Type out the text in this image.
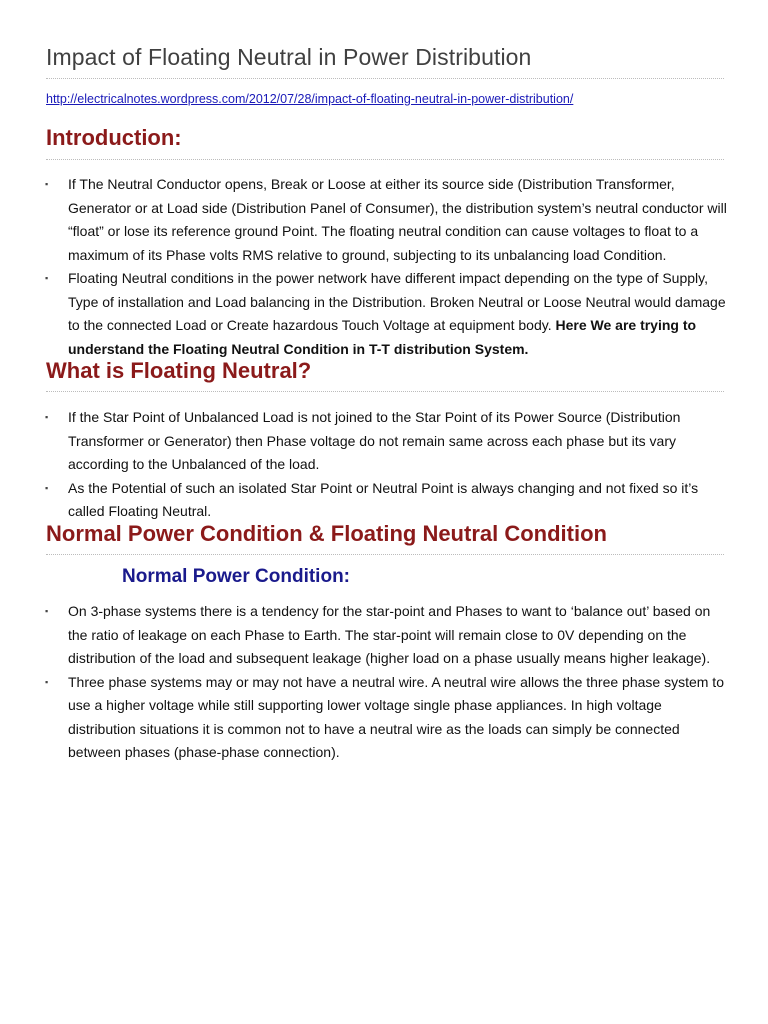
Impact of Floating Neutral in Power Distribution
http://electricalnotes.wordpress.com/2012/07/28/impact-of-floating-neutral-in-power-distribution/
Introduction:
▪ If The Neutral Conductor opens, Break or Loose at either its source side (Distribution Transformer, Generator or at Load side (Distribution Panel of Consumer), the distribution system’s neutral conductor will “float” or lose its reference ground Point. The floating neutral condition can cause voltages to float to a maximum of its Phase volts RMS relative to ground, subjecting to its unbalancing load Condition.
▪ Floating Neutral conditions in the power network have different impact depending on the type of Supply, Type of installation and Load balancing in the Distribution. Broken Neutral or Loose Neutral would damage to the connected Load or Create hazardous Touch Voltage at equipment body. Here We are trying to understand the Floating Neutral Condition in T-T distribution System.
What is Floating Neutral?
▪ If the Star Point of Unbalanced Load is not joined to the Star Point of its Power Source (Distribution Transformer or Generator) then Phase voltage do not remain same across each phase but its vary according to the Unbalanced of the load.
▪ As the Potential of such an isolated Star Point or Neutral Point is always changing and not fixed so it’s called Floating Neutral.
Normal Power Condition & Floating Neutral Condition
Normal Power Condition:
▪ On 3-phase systems there is a tendency for the star-point and Phases to want to ‘balance out’ based on the ratio of leakage on each Phase to Earth. The star-point will remain close to 0V depending on the distribution of the load and subsequent leakage (higher load on a phase usually means higher leakage).
▪ Three phase systems may or may not have a neutral wire. A neutral wire allows the three phase system to use a higher voltage while still supporting lower voltage single phase appliances. In high voltage distribution situations it is common not to have a neutral wire as the loads can simply be connected between phases (phase-phase connection).
